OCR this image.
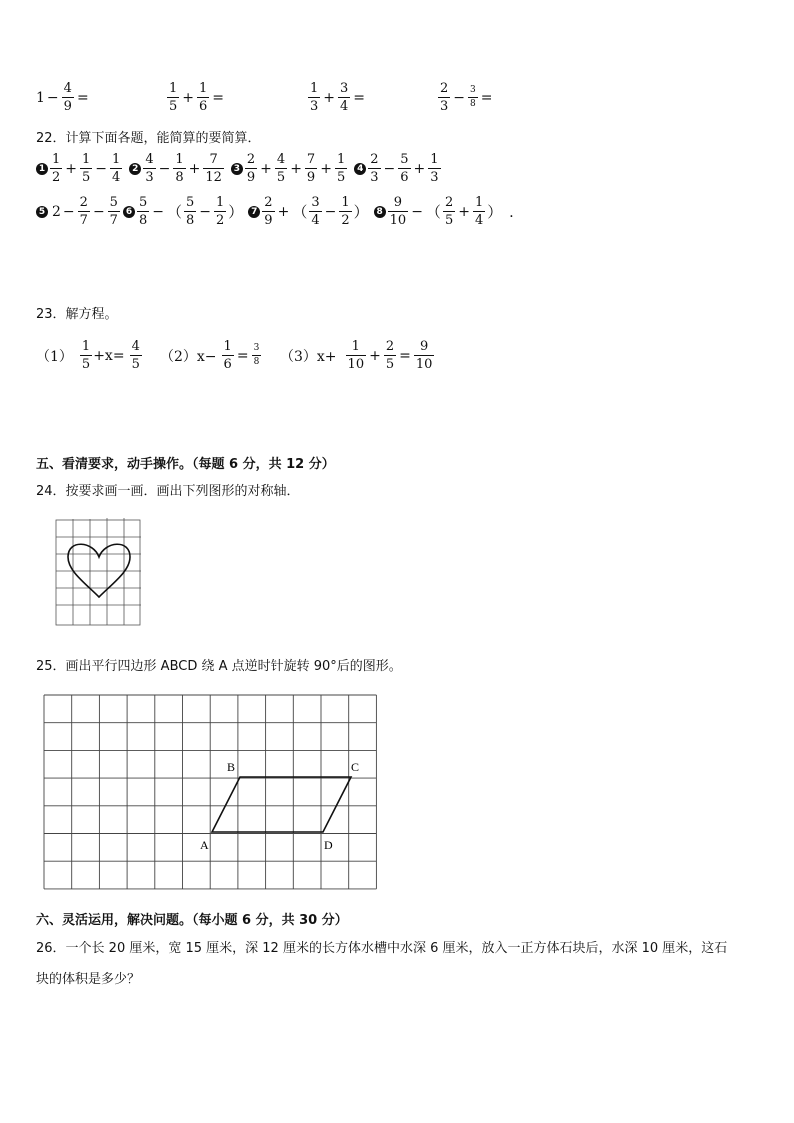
$1 - \frac{4}{9}$ =	$\frac{1}{5} + \frac{1}{6}$ =	$\frac{1}{3} + \frac{3}{4}$ =	$\frac{2}{3} - \frac{3}{8}$ =
22．计算下面各题，能简算的要简算．
$1 \frac{1}{2} + \frac{1}{5} - \frac{1}{4}$	$2 \frac{4}{3} - \frac{1}{8} + \frac{7}{12}$	$3 \frac{2}{9} + \frac{4}{5} + \frac{7}{9} + \frac{1}{5}$	$4 \frac{2}{3} - \frac{5}{6} + \frac{1}{3}$
5 $2 - \frac{2}{7} - \frac{5}{7} 6 \frac{5}{8}$ − （ $\frac{5}{8} - \frac{1}{2}$ ） $7 \frac{2}{9}$ + （ $\frac{3}{4} - \frac{1}{2}$ ） $8 \frac{9}{10}$ − （ $\frac{2}{5} + \frac{1}{4}$ ） ．
23．解方程。
$(1) \frac{1}{5} +x= \frac{4}{5} (2)x- \frac{1}{6} = \frac{3}{8} (3)x+ \frac{1}{10} + \frac{2}{5} = \frac{9}{10}$
五、看清要求，动手操作。（每题 6 分，共 12 分）
24．按要求画一画．画出下列图形的对称轴．
25．画出平行四边形 ABCD 绕 A 点逆时针旋转 90°后的图形。
B	C
A	D
六、灵活运用，解决问题。（每小题 6 分，共 30 分）
26．一个长 20 厘米，宽 15 厘米，深 12 厘米的长方体水槽中水深 6 厘米，放入一正方体石块后，水深 10 厘米，这石
块的体积是多少？
